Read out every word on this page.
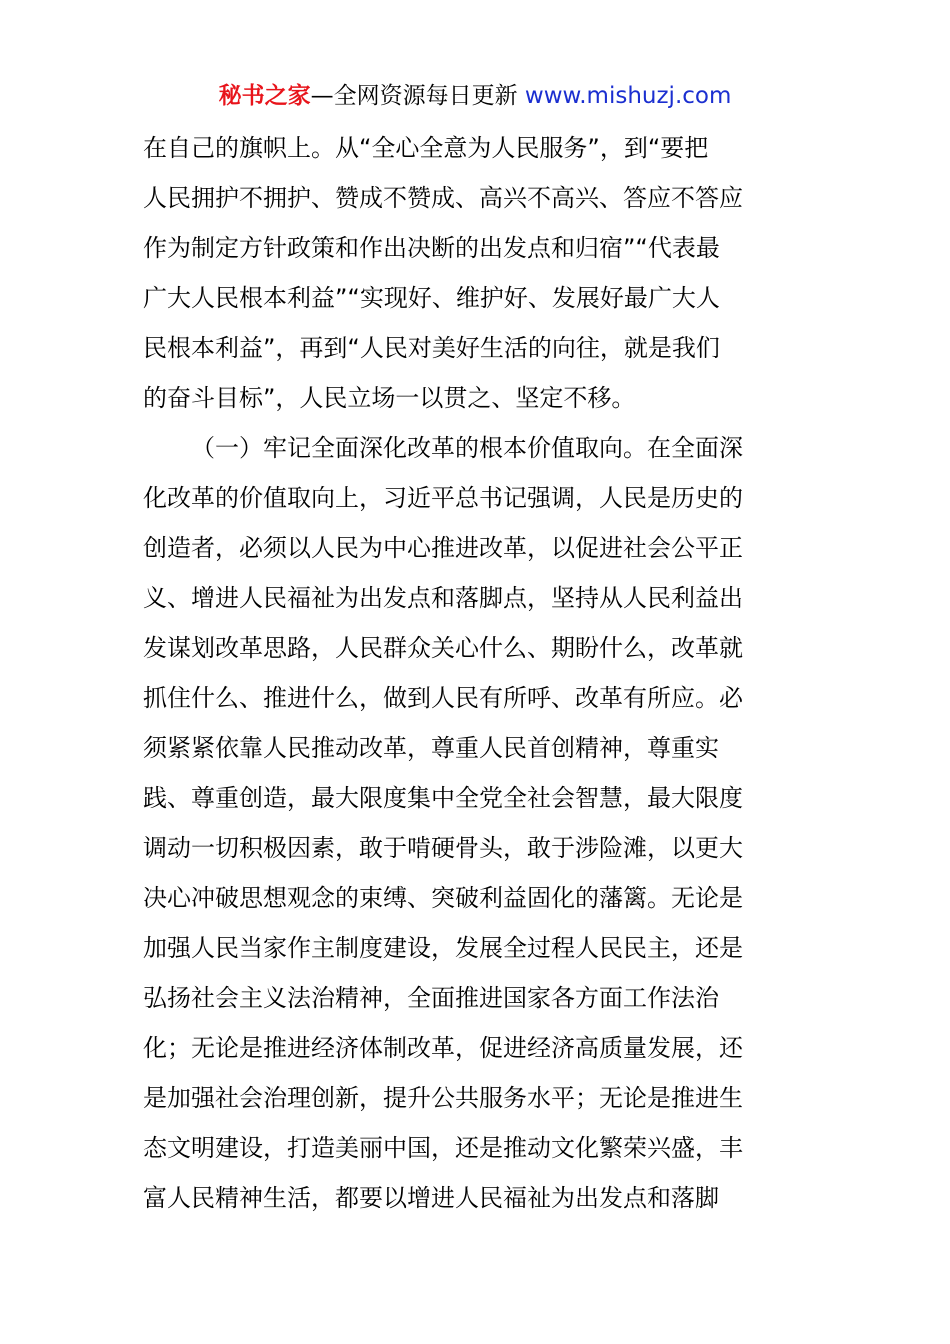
秘书之家—全网资源每日更新 www.mishuzj.com
在自己的旗帜上。从“全心全意为人民服务”，到“要把
人民拥护不拥护、赞成不赞成、高兴不高兴、答应不答应
作为制定方针政策和作出决断的出发点和归宿”“代表最
广大人民根本利益”“实现好、维护好、发展好最广大人
民根本利益”，再到“人民对美好生活的向往，就是我们
的奋斗目标”，人民立场一以贯之、坚定不移。
（一）牢记全面深化改革的根本价值取向。在全面深
化改革的价值取向上，习近平总书记强调，人民是历史的
创造者，必须以人民为中心推进改革，以促进社会公平正
义、增进人民福祉为出发点和落脚点，坚持从人民利益出
发谋划改革思路，人民群众关心什么、期盼什么，改革就
抓住什么、推进什么，做到人民有所呼、改革有所应。必
须紧紧依靠人民推动改革，尊重人民首创精神，尊重实
践、尊重创造，最大限度集中全党全社会智慧，最大限度
调动一切积极因素，敢于啃硬骨头，敢于涉险滩，以更大
决心冲破思想观念的束缚、突破利益固化的藩篱。无论是
加强人民当家作主制度建设，发展全过程人民民主，还是
弘扬社会主义法治精神，全面推进国家各方面工作法治
化；无论是推进经济体制改革，促进经济高质量发展，还
是加强社会治理创新，提升公共服务水平；无论是推进生
态文明建设，打造美丽中国，还是推动文化繁荣兴盛，丰
富人民精神生活，都要以增进人民福祉为出发点和落脚
